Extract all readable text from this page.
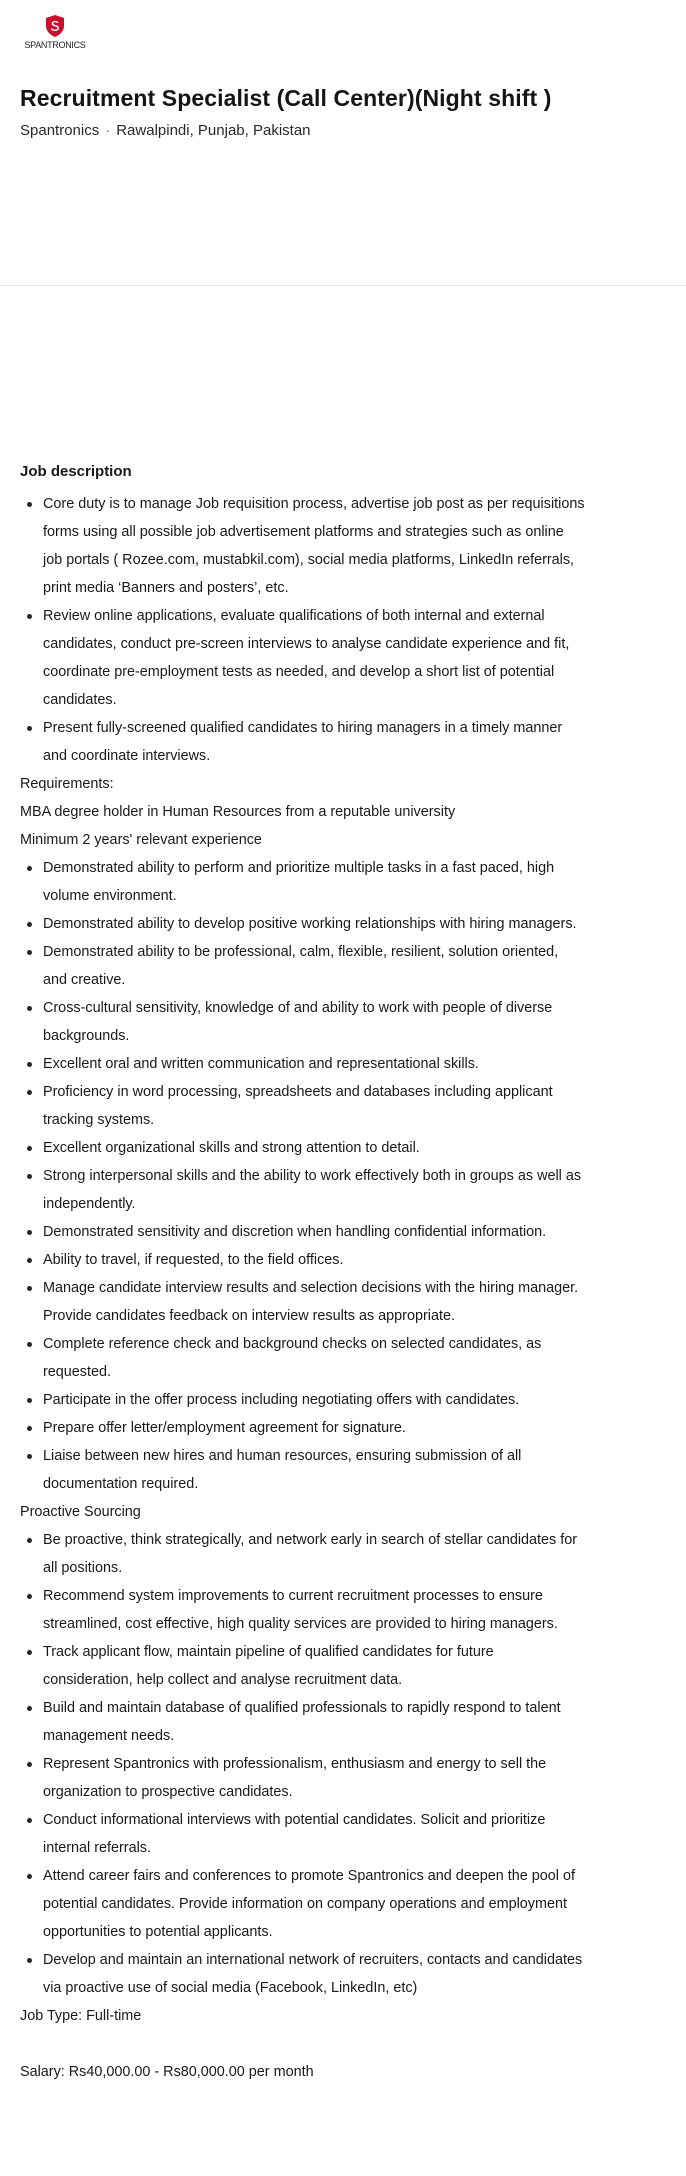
SPANTRONICS
Recruitment Specialist (Call Center)(Night shift )
Spantronics · Rawalpindi, Punjab, Pakistan
Job description
Core duty is to manage Job requisition process, advertise job post as per requisitions forms using all possible job advertisement platforms and strategies such as online job portals ( Rozee.com, mustabkil.com), social media platforms, LinkedIn referrals, print media ‘Banners and posters’, etc.
Review online applications, evaluate qualifications of both internal and external candidates, conduct pre-screen interviews to analyse candidate experience and fit, coordinate pre-employment tests as needed, and develop a short list of potential candidates.
Present fully-screened qualified candidates to hiring managers in a timely manner and coordinate interviews.

Requirements:

MBA degree holder in Human Resources from a reputable university

Minimum 2 years' relevant experience

Demonstrated ability to perform and prioritize multiple tasks in a fast paced, high volume environment.
Demonstrated ability to develop positive working relationships with hiring managers.
Demonstrated ability to be professional, calm, flexible, resilient, solution oriented, and creative.
Cross-cultural sensitivity, knowledge of and ability to work with people of diverse backgrounds.
Excellent oral and written communication and representational skills.
Proficiency in word processing, spreadsheets and databases including applicant tracking systems.
Excellent organizational skills and strong attention to detail.
Strong interpersonal skills and the ability to work effectively both in groups as well as independently.
Demonstrated sensitivity and discretion when handling confidential information.
Ability to travel, if requested, to the field offices.
Manage candidate interview results and selection decisions with the hiring manager. Provide candidates feedback on interview results as appropriate.
Complete reference check and background checks on selected candidates, as requested.
Participate in the offer process including negotiating offers with candidates.
Prepare offer letter/employment agreement for signature.
Liaise between new hires and human resources, ensuring submission of all documentation required.

Proactive Sourcing

Be proactive, think strategically, and network early in search of stellar candidates for all positions.
Recommend system improvements to current recruitment processes to ensure streamlined, cost effective, high quality services are provided to hiring managers.
Track applicant flow, maintain pipeline of qualified candidates for future consideration, help collect and analyse recruitment data.
Build and maintain database of qualified professionals to rapidly respond to talent management needs.
Represent Spantronics with professionalism, enthusiasm and energy to sell the organization to prospective candidates.
Conduct informational interviews with potential candidates. Solicit and prioritize internal referrals.
Attend career fairs and conferences to promote Spantronics and deepen the pool of potential candidates. Provide information on company operations and employment opportunities to potential applicants.
Develop and maintain an international network of recruiters, contacts and candidates via proactive use of social media (Facebook, LinkedIn, etc)

Job Type: Full-time

Salary: Rs40,000.00 - Rs80,000.00 per month
